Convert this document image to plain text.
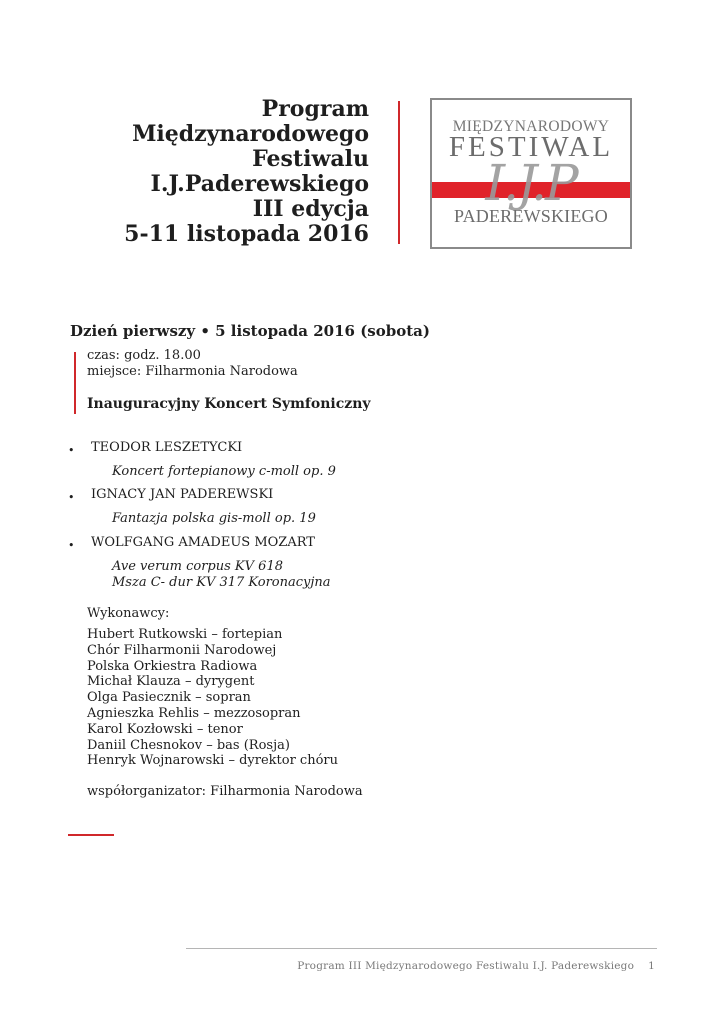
Program
Międzynarodowego
Festiwalu
I.J.Paderewskiego
III edycja
5-11 listopada 2016
I.J.P
MIĘDZYNARODOWY
FESTIWAL
PADEREWSKIEGO
Dzień pierwszy • 5 listopada 2016 (sobota)
czas: godz. 18.00
miejsce: Filharmonia Narodowa
Inauguracyjny Koncert Symfoniczny
• TEODOR LESZETYCKI
Koncert fortepianowy c-moll op. 9
• IGNACY JAN PADEREWSKI
Fantazja polska gis-moll op. 19
• WOLFGANG AMADEUS MOZART
Ave verum corpus KV 618
Msza C- dur KV 317 Koronacyjna
Wykonawcy:
Hubert Rutkowski – fortepian
Chór Filharmonii Narodowej
Polska Orkiestra Radiowa
Michał Klauza – dyrygent
Olga Pasiecznik – sopran
Agnieszka Rehlis – mezzosopran
Karol Kozłowski – tenor
Daniil Chesnokov – bas (Rosja)
Henryk Wojnarowski – dyrektor chóru
współorganizator: Filharmonia Narodowa
Program III Międzynarodowego Festiwalu I.J. Paderewskiego 1
